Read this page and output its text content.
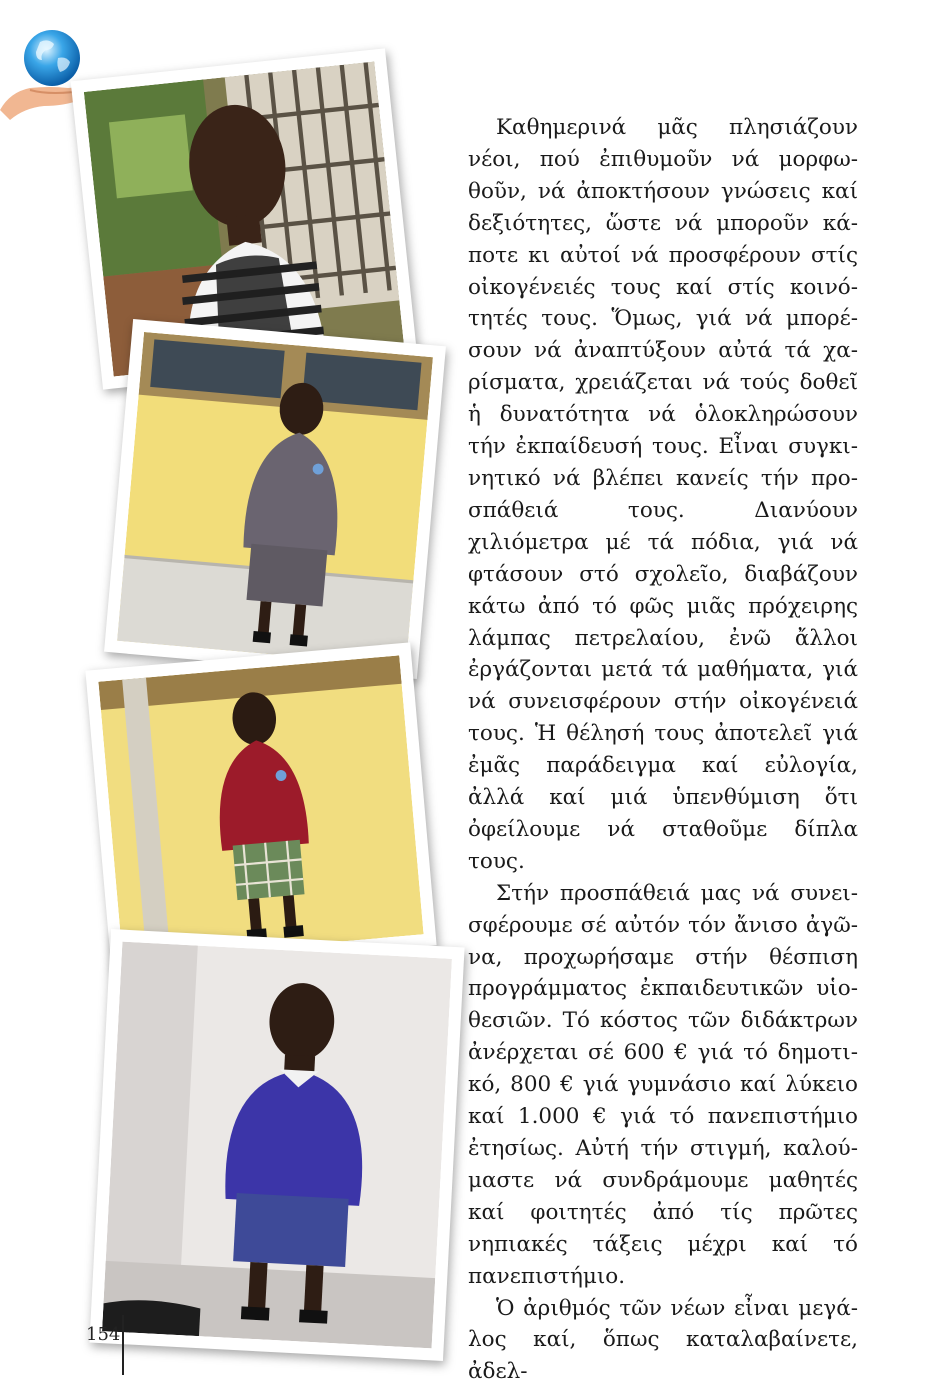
Καθημερινά μᾶς πλησιάζουν νέοι, πού ἐπιθυμοῦν νά μορφωθοῦν, νά ἀποκτήσουν γνώσεις καί δεξιότητες, ὥστε νά μποροῦν κάποτε κι αὐτοί νά προσφέρουν στίς οἰκογένειές τους καί στίς κοινότητές τους. Ὅμως, γιά νά μπορέσουν νά ἀναπτύξουν αὐτά τά χαρίσματα, χρειάζεται νά τούς δοθεῖ ἡ δυνατότητα νά ὁλοκληρώσουν τήν ἐκπαίδευσή τους. Εἶναι συγκινητικό νά βλέπει κανείς τήν προσπάθειά τους. Διανύουν χιλιόμετρα μέ τά πόδια, γιά νά φτάσουν στό σχολεῖο, διαβάζουν κάτω ἀπό τό φῶς μιᾶς πρόχειρης λάμπας πετρελαίου, ἐνῶ ἄλλοι ἐργάζονται μετά τά μαθήματα, γιά νά συνεισφέρουν στήν οἰκογένειά τους. Ἡ θέλησή τους ἀποτελεῖ γιά ἐμᾶς παράδειγμα καί εὐλογία, ἀλλά καί μιά ὑπενθύμιση ὅτι ὀφείλουμε νά σταθοῦμε δίπλα τους.

Στήν προσπάθειά μας νά συνεισφέρουμε σέ αὐτόν τόν ἄνισο ἀγῶνα, προχωρήσαμε στήν θέσπιση προγράμματος ἐκπαιδευτικῶν υἱοθεσιῶν. Τό κόστος τῶν διδάκτρων ἀνέρχεται σέ 600 € γιά τό δημοτικό, 800 € γιά γυμνάσιο καί λύκειο καί 1.000 € γιά τό πανεπιστήμιο ἐτησίως. Αὐτή τήν στιγμή, καλούμαστε νά συνδράμουμε μαθητές καί φοιτητές ἀπό τίς πρῶτες νηπιακές τάξεις μέχρι καί τό πανεπιστήμιο.

Ὁ ἀριθμός τῶν νέων εἶναι μεγάλος καί, ὅπως καταλαβαίνετε, ἀδελ-

154
